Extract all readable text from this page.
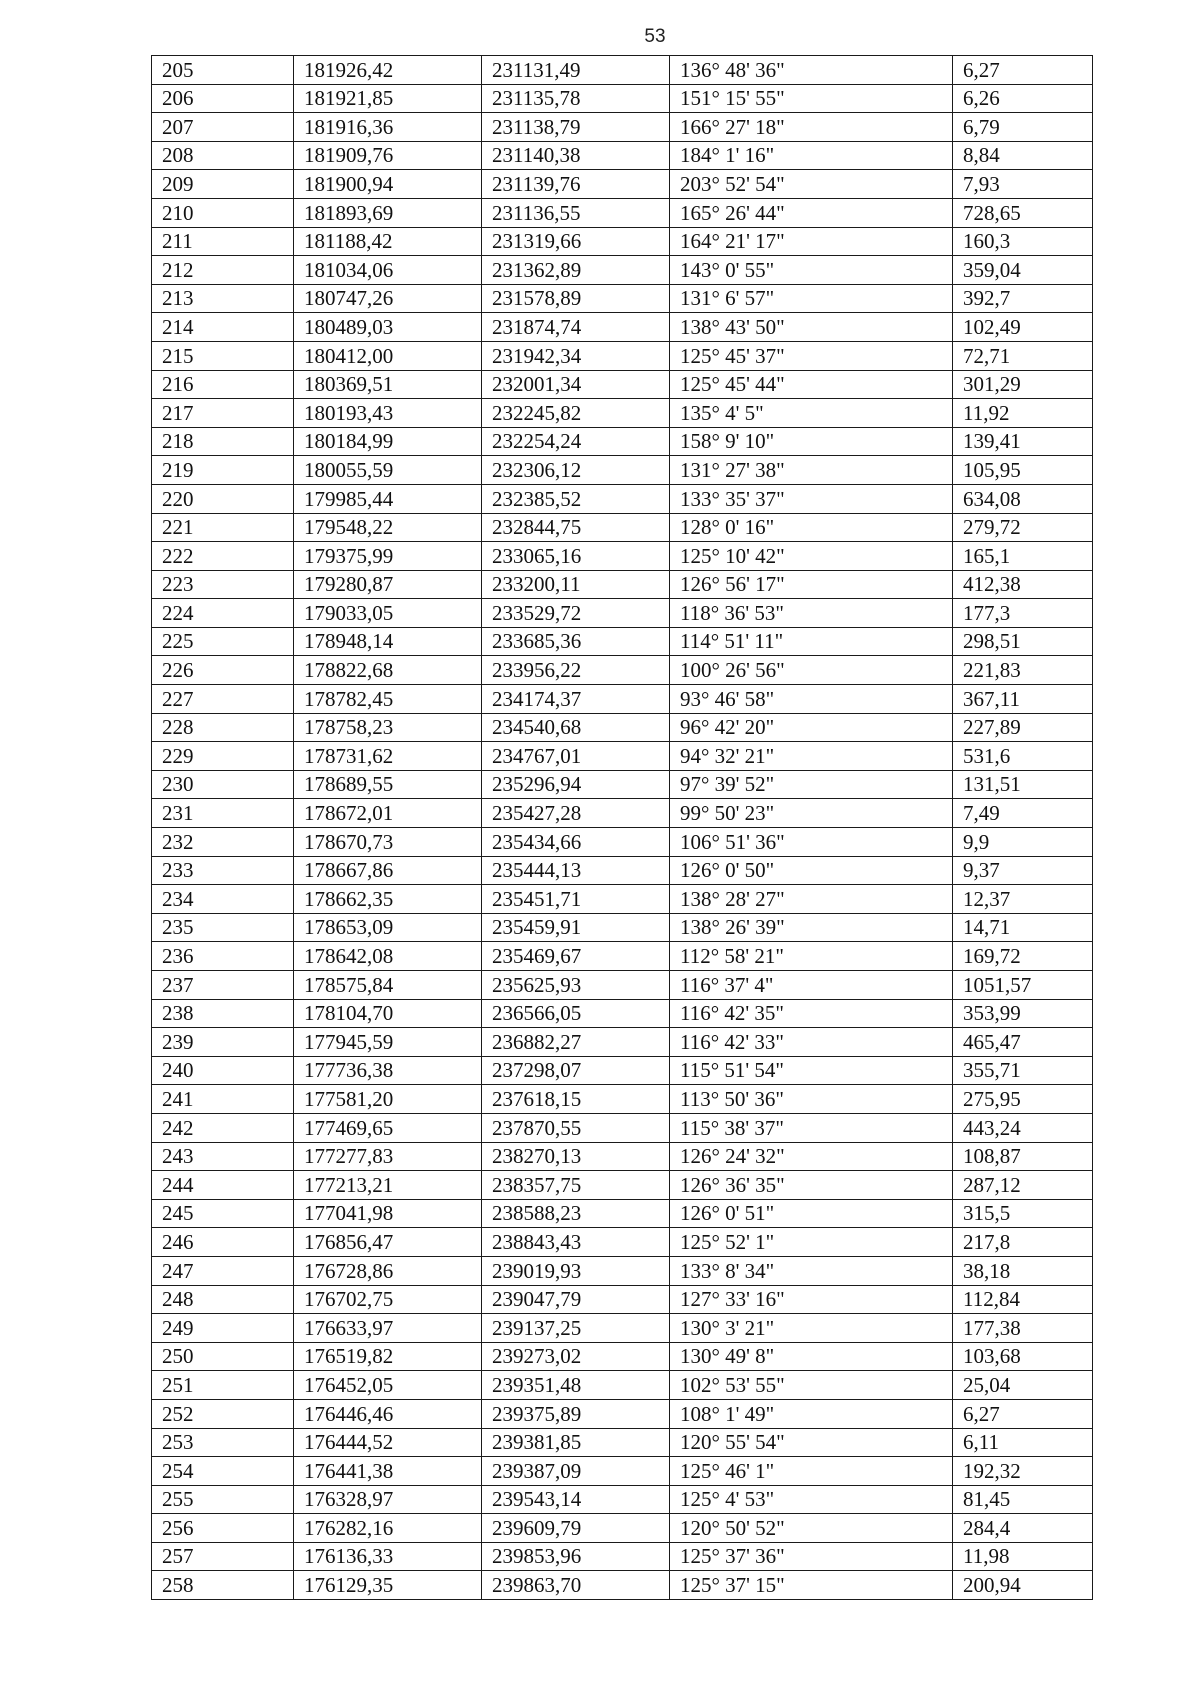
53
205	181926,42	231131,49	136° 48' 36"	6,27
206	181921,85	231135,78	151° 15' 55"	6,26
207	181916,36	231138,79	166° 27' 18"	6,79
208	181909,76	231140,38	184° 1' 16"	8,84
209	181900,94	231139,76	203° 52' 54"	7,93
210	181893,69	231136,55	165° 26' 44"	728,65
211	181188,42	231319,66	164° 21' 17"	160,3
212	181034,06	231362,89	143° 0' 55"	359,04
213	180747,26	231578,89	131° 6' 57"	392,7
214	180489,03	231874,74	138° 43' 50"	102,49
215	180412,00	231942,34	125° 45' 37"	72,71
216	180369,51	232001,34	125° 45' 44"	301,29
217	180193,43	232245,82	135° 4' 5"	11,92
218	180184,99	232254,24	158° 9' 10"	139,41
219	180055,59	232306,12	131° 27' 38"	105,95
220	179985,44	232385,52	133° 35' 37"	634,08
221	179548,22	232844,75	128° 0' 16"	279,72
222	179375,99	233065,16	125° 10' 42"	165,1
223	179280,87	233200,11	126° 56' 17"	412,38
224	179033,05	233529,72	118° 36' 53"	177,3
225	178948,14	233685,36	114° 51' 11"	298,51
226	178822,68	233956,22	100° 26' 56"	221,83
227	178782,45	234174,37	93° 46' 58"	367,11
228	178758,23	234540,68	96° 42' 20"	227,89
229	178731,62	234767,01	94° 32' 21"	531,6
230	178689,55	235296,94	97° 39' 52"	131,51
231	178672,01	235427,28	99° 50' 23"	7,49
232	178670,73	235434,66	106° 51' 36"	9,9
233	178667,86	235444,13	126° 0' 50"	9,37
234	178662,35	235451,71	138° 28' 27"	12,37
235	178653,09	235459,91	138° 26' 39"	14,71
236	178642,08	235469,67	112° 58' 21"	169,72
237	178575,84	235625,93	116° 37' 4"	1051,57
238	178104,70	236566,05	116° 42' 35"	353,99
239	177945,59	236882,27	116° 42' 33"	465,47
240	177736,38	237298,07	115° 51' 54"	355,71
241	177581,20	237618,15	113° 50' 36"	275,95
242	177469,65	237870,55	115° 38' 37"	443,24
243	177277,83	238270,13	126° 24' 32"	108,87
244	177213,21	238357,75	126° 36' 35"	287,12
245	177041,98	238588,23	126° 0' 51"	315,5
246	176856,47	238843,43	125° 52' 1"	217,8
247	176728,86	239019,93	133° 8' 34"	38,18
248	176702,75	239047,79	127° 33' 16"	112,84
249	176633,97	239137,25	130° 3' 21"	177,38
250	176519,82	239273,02	130° 49' 8"	103,68
251	176452,05	239351,48	102° 53' 55"	25,04
252	176446,46	239375,89	108° 1' 49"	6,27
253	176444,52	239381,85	120° 55' 54"	6,11
254	176441,38	239387,09	125° 46' 1"	192,32
255	176328,97	239543,14	125° 4' 53"	81,45
256	176282,16	239609,79	120° 50' 52"	284,4
257	176136,33	239853,96	125° 37' 36"	11,98
258	176129,35	239863,70	125° 37' 15"	200,94
